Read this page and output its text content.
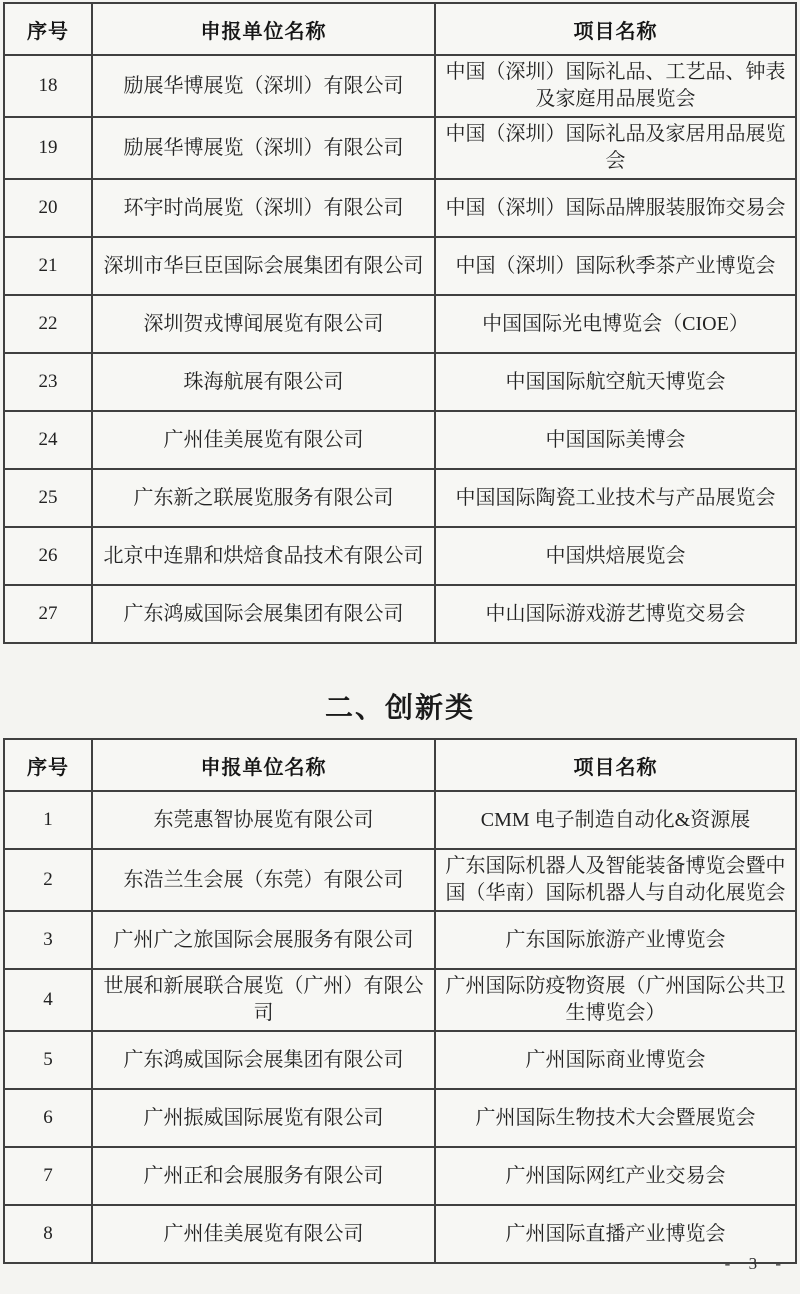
序号	申报单位名称	项目名称
18	励展华博展览（深圳）有限公司	中国（深圳）国际礼品、工艺品、钟表及家庭用品展览会
19	励展华博展览（深圳）有限公司	中国（深圳）国际礼品及家居用品展览会
20	环宇时尚展览（深圳）有限公司	中国（深圳）国际品牌服装服饰交易会
21	深圳市华巨臣国际会展集团有限公司	中国（深圳）国际秋季茶产业博览会
22	深圳贺戎博闻展览有限公司	中国国际光电博览会（CIOE）
23	珠海航展有限公司	中国国际航空航天博览会
24	广州佳美展览有限公司	中国国际美博会
25	广东新之联展览服务有限公司	中国国际陶瓷工业技术与产品展览会
26	北京中连鼎和烘焙食品技术有限公司	中国烘焙展览会
27	广东鸿威国际会展集团有限公司	中山国际游戏游艺博览交易会
二、创新类
序号	申报单位名称	项目名称
1	东莞惠智协展览有限公司	CMM 电子制造自动化&资源展
2	东浩兰生会展（东莞）有限公司	广东国际机器人及智能装备博览会暨中国（华南）国际机器人与自动化展览会
3	广州广之旅国际会展服务有限公司	广东国际旅游产业博览会
4	世展和新展联合展览（广州）有限公司	广州国际防疫物资展（广州国际公共卫生博览会）
5	广东鸿威国际会展集团有限公司	广州国际商业博览会
6	广州振威国际展览有限公司	广州国际生物技术大会暨展览会
7	广州正和会展服务有限公司	广州国际网红产业交易会
8	广州佳美展览有限公司	广州国际直播产业博览会
- 3 -
